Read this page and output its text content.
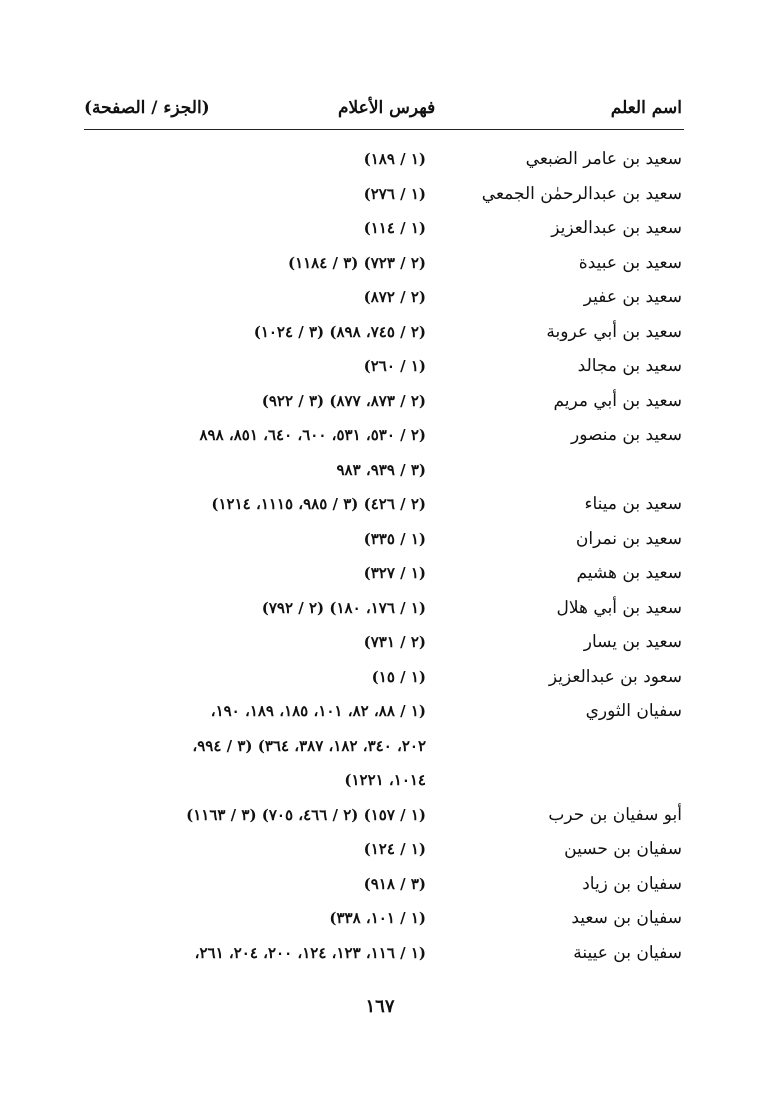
اسم العلم
فهرس الأعلام
(الجزء / الصفحة)
سعيد بن عامر الضبعي
(١ / ١٨٩)
سعيد بن عبدالرحمٰن الجمعي
(١ / ٢٧٦)
سعيد بن عبدالعزيز
(١ / ١١٤)
سعيد بن عبيدة
(٢ / ٧٢٣) (٣ / ١١٨٤)
سعيد بن عفير
(٢ / ٨٧٢)
سعيد بن أبي عروبة
(٢ / ٧٤٥، ٨٩٨) (٣ / ١٠٢٤)
سعيد بن مجالد
(١ / ٢٦٠)
سعيد بن أبي مريم
(٢ / ٨٧٣، ٨٧٧) (٣ / ٩٢٢)
سعيد بن منصور
(٢ / ٥٣٠، ٥٣١، ٦٠٠، ٦٤٠، ٨٥١، ٨٩٨
(٣ / ٩٣٩، ٩٨٣
سعيد بن ميناء
(٢ / ٤٢٦) (٣ / ٩٨٥، ١١١٥، ١٢١٤)
سعيد بن نمران
(١ / ٣٣٥)
سعيد بن هشيم
(١ / ٣٢٧)
سعيد بن أبي هلال
(١ / ١٧٦، ١٨٠) (٢ / ٧٩٢)
سعيد بن يسار
(٢ / ٧٣١)
سعود بن عبدالعزيز
(١ / ١٥)
سفيان الثوري
(١ / ٨٨، ٨٢، ١٠١، ١٨٥، ١٨٩، ١٩٠،
٢٠٢، ٣٤٠، ١٨٢، ٣٨٧، ٣٦٤) (٣ / ٩٩٤،
١٠١٤، ١٢٢١)
أبو سفيان بن حرب
(١ / ١٥٧) (٢ / ٤٦٦، ٧٠٥) (٣ / ١١٦٣)
سفيان بن حسين
(١ / ١٢٤)
سفيان بن زياد
(٣ / ٩١٨)
سفيان بن سعيد
(١ / ١٠١، ٣٣٨)
سفيان بن عيينة
(١ / ١١٦، ١٢٣، ١٢٤، ٢٠٠، ٢٠٤، ٢٦١،
١٦٧
